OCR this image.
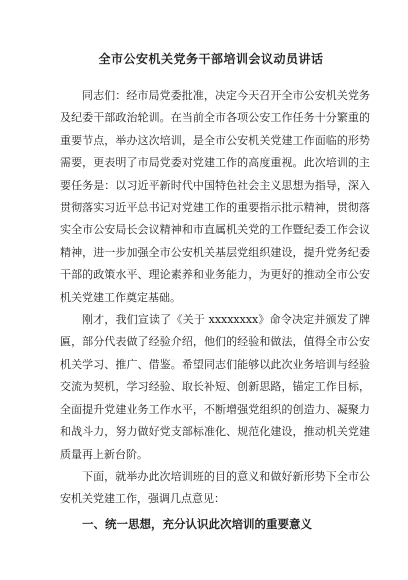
全市公安机关党务干部培训会议动员讲话

同志们：经市局党委批准，决定今天召开全市公安机关党务及纪委干部政治轮训。在当前全市各项公安工作任务十分繁重的重要节点，举办这次培训，是全市公安机关党建工作面临的形势需要，更表明了市局党委对党建工作的高度重视。此次培训的主要任务是：以习近平新时代中国特色社会主义思想为指导，深入贯彻落实习近平总书记对党建工作的重要指示批示精神，贯彻落实全市公安局长会议精神和市直属机关党的工作暨纪委工作会议精神，进一步加强全市公安机关基层党组织建设，提升党务纪委干部的政策水平、理论素养和业务能力，为更好的推动全市公安机关党建工作奠定基础。

刚才，我们宣读了《关于 xxxxxxxx》命令决定并颁发了牌匾，部分代表做了经验介绍，他们的经验和做法，值得全市公安机关学习、推广、借鉴。希望同志们能够以此次业务培训与经验交流为契机，学习经验、取长补短、创新思路，锚定工作目标，全面提升党建业务工作水平，不断增强党组织的创造力、凝聚力和战斗力，努力做好党支部标准化、规范化建设，推动机关党建质量再上新台阶。

下面，就举办此次培训班的目的意义和做好新形势下全市公安机关党建工作，强调几点意见：

一、统一思想，充分认识此次培训的重要意义
